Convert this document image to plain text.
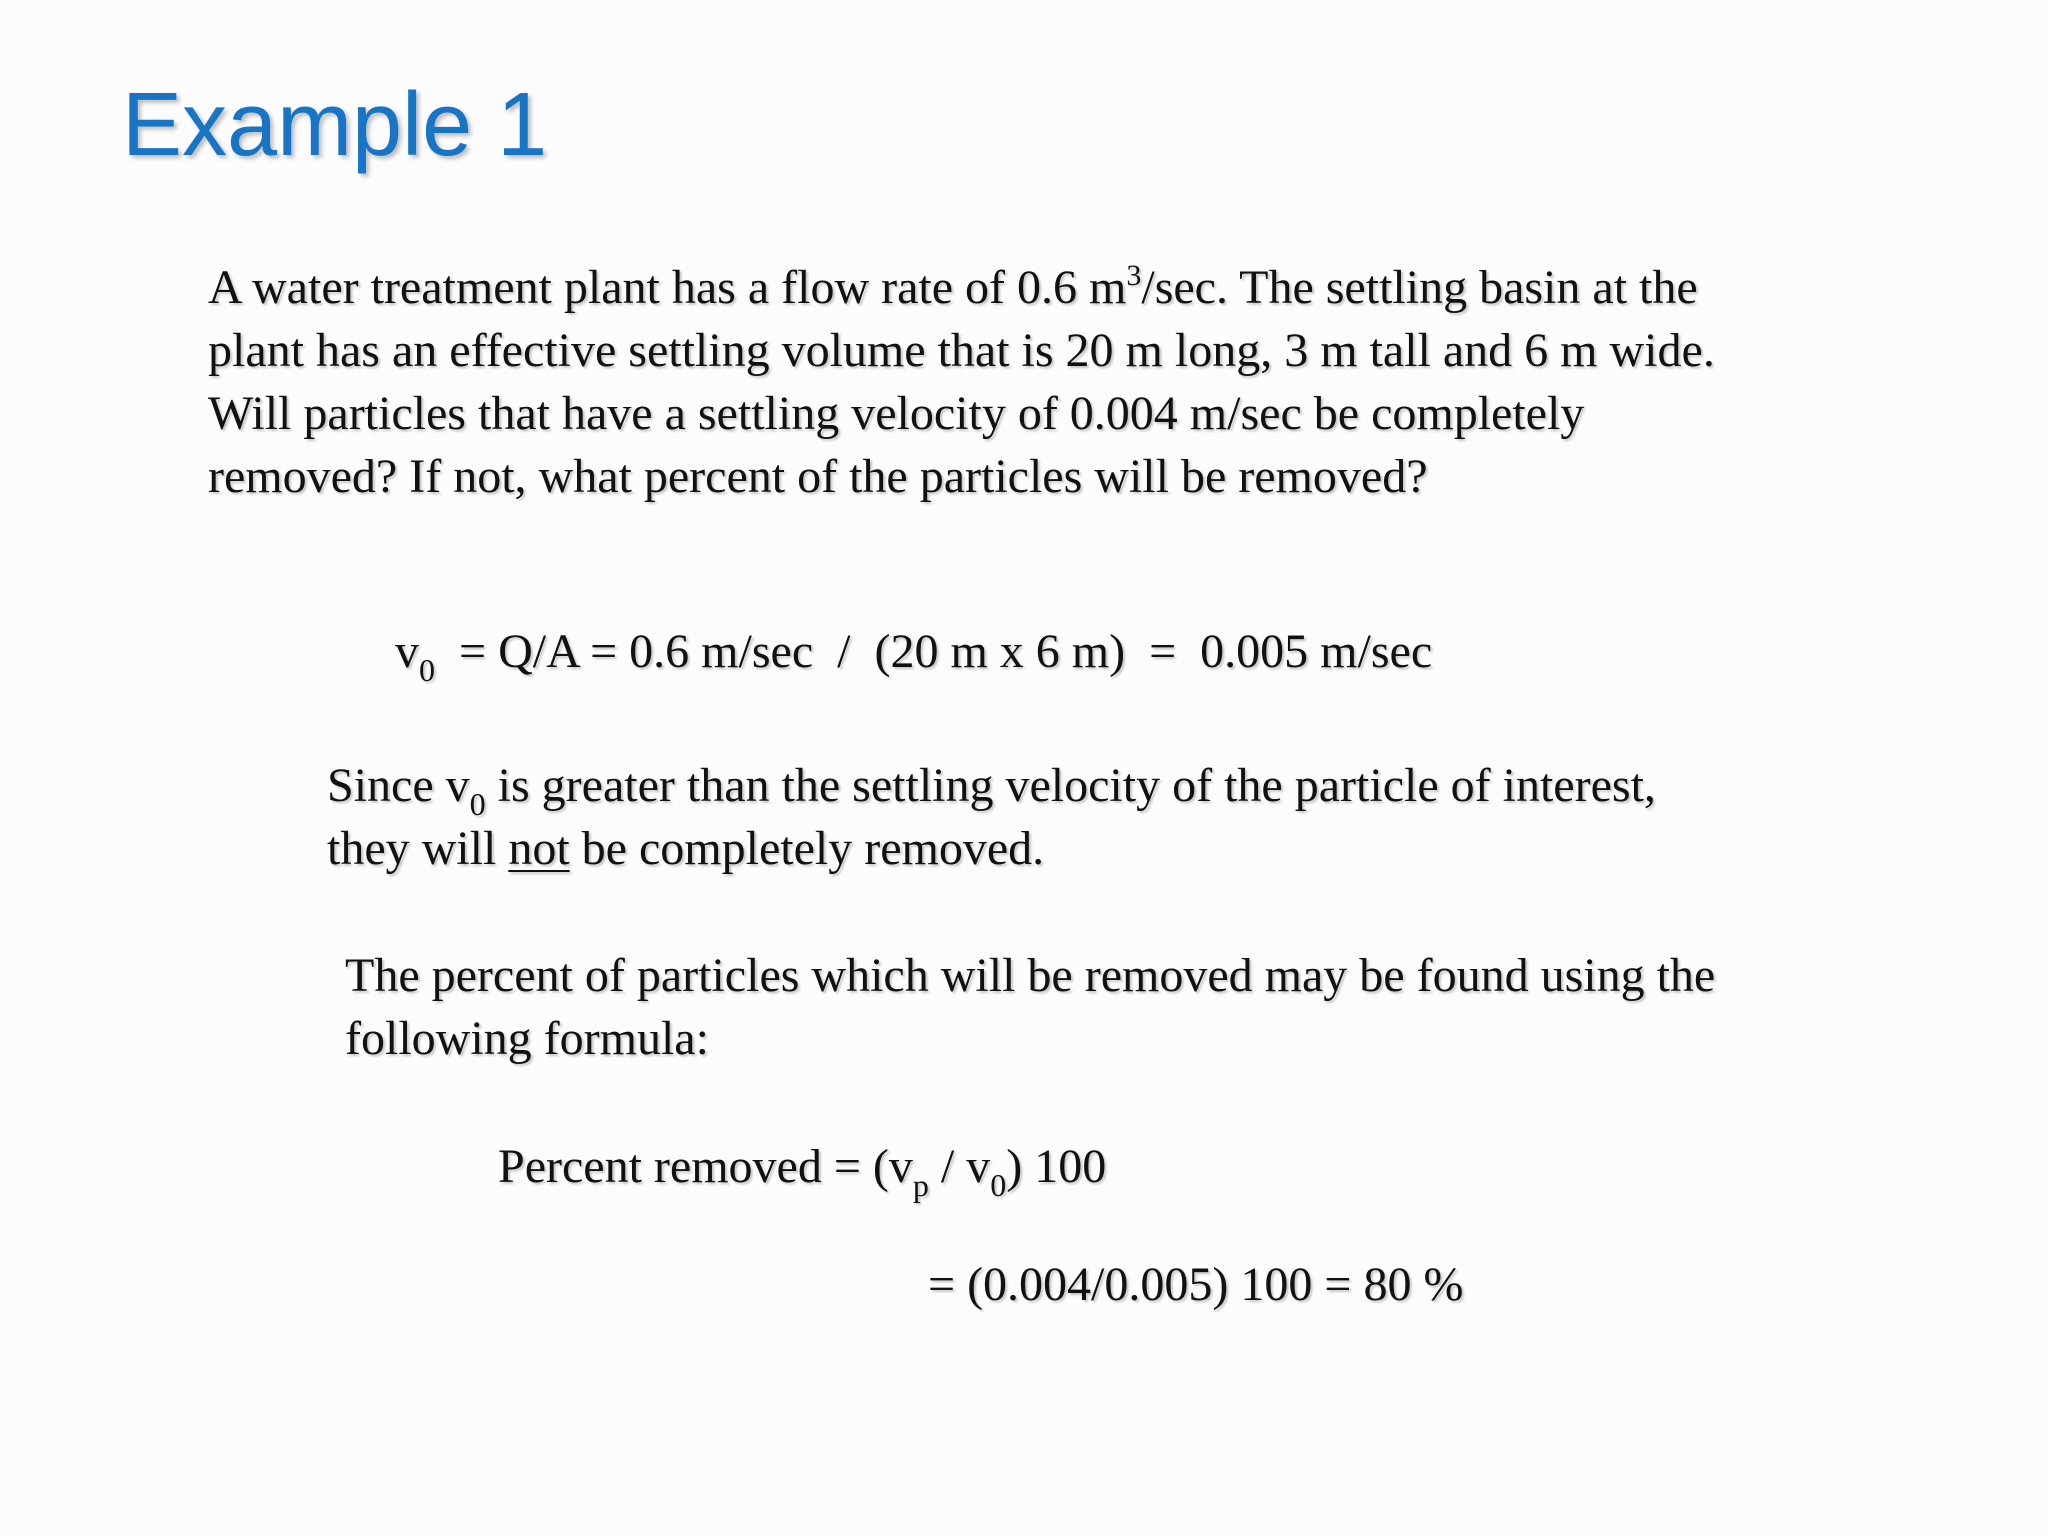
Example 1
A water treatment plant has a flow rate of 0.6 $m^3/\sec$. The settling basin at the
plant has an effective settling volume that is 20 m long, 3 m tall and 6 m wide.
Will particles that have a settling velocity of 0.004 m/sec be completely
removed? If not, what percent of the particles will be removed?
$v_0 = Q/A = 0.6$ m/sec  /  (20 m x 6 m)  =  0.005 m/sec
Since $v_0$ is greater than the settling velocity of the particle of interest,
they will not be completely removed.
The percent of particles which will be removed may be found using the
following formula:
Percent removed = $(v_p / v_0)$ 100
= (0.004/0.005) 100 = 80 %
